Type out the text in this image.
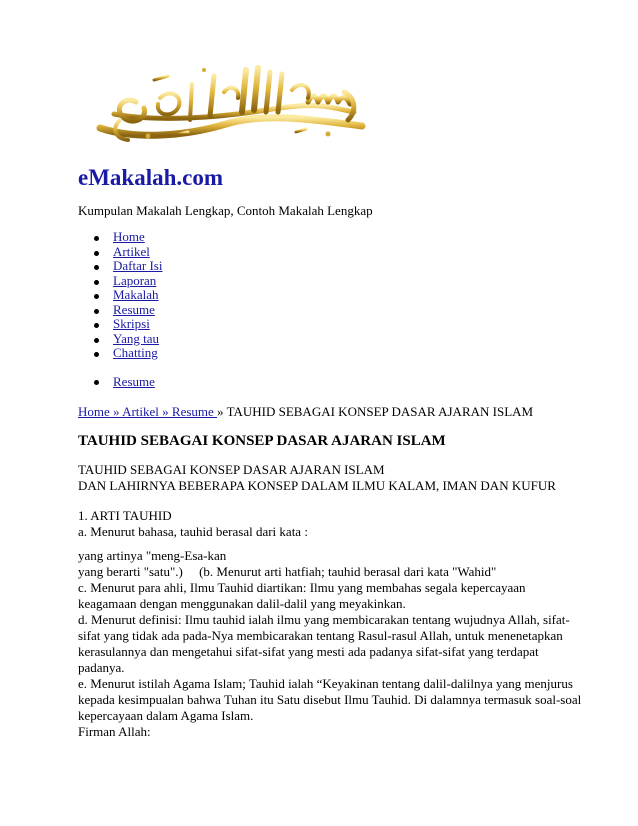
eMakalah.com
Kumpulan Makalah Lengkap, Contoh Makalah Lengkap
Home
Artikel
Daftar Isi
Laporan
Makalah
Resume
Skripsi
Yang tau
Chatting
Resume
Home » Artikel » Resume » TAUHID SEBAGAI KONSEP DASAR AJARAN ISLAM
TAUHID SEBAGAI KONSEP DASAR AJARAN ISLAM
TAUHID SEBAGAI KONSEP DASAR AJARAN ISLAM
DAN LAHIRNYA BEBERAPA KONSEP DALAM ILMU KALAM, IMAN DAN KUFUR
1. ARTI TAUHID
a. Menurut bahasa, tauhid berasal dari kata :
yang artinya "meng-Esa-kan
yang berarti "satu".)     (b. Menurut arti hatfiah; tauhid berasal dari kata "Wahid"
c. Menurut para ahli, Ilmu Tauhid diartikan: Ilmu yang membahas segala kepercayaan
keagamaan dengan menggunakan dalil-dalil yang meyakinkan.
d. Menurut definisi: Ilmu tauhid ialah ilmu yang membicarakan tentang wujudnya Allah, sifat-
sifat yang tidak ada pada-Nya membicarakan tentang Rasul-rasul Allah, untuk menenetapkan
kerasulannya dan mengetahui sifat-sifat yang mesti ada padanya sifat-sifat yang terdapat
padanya.
e. Menurut istilah Agama Islam; Tauhid ialah “Keyakinan tentang dalil-dalilnya yang menjurus
kepada kesimpualan bahwa Tuhan itu Satu disebut Ilmu Tauhid. Di dalamnya termasuk soal-soal
kepercayaan dalam Agama Islam.
Firman Allah:
